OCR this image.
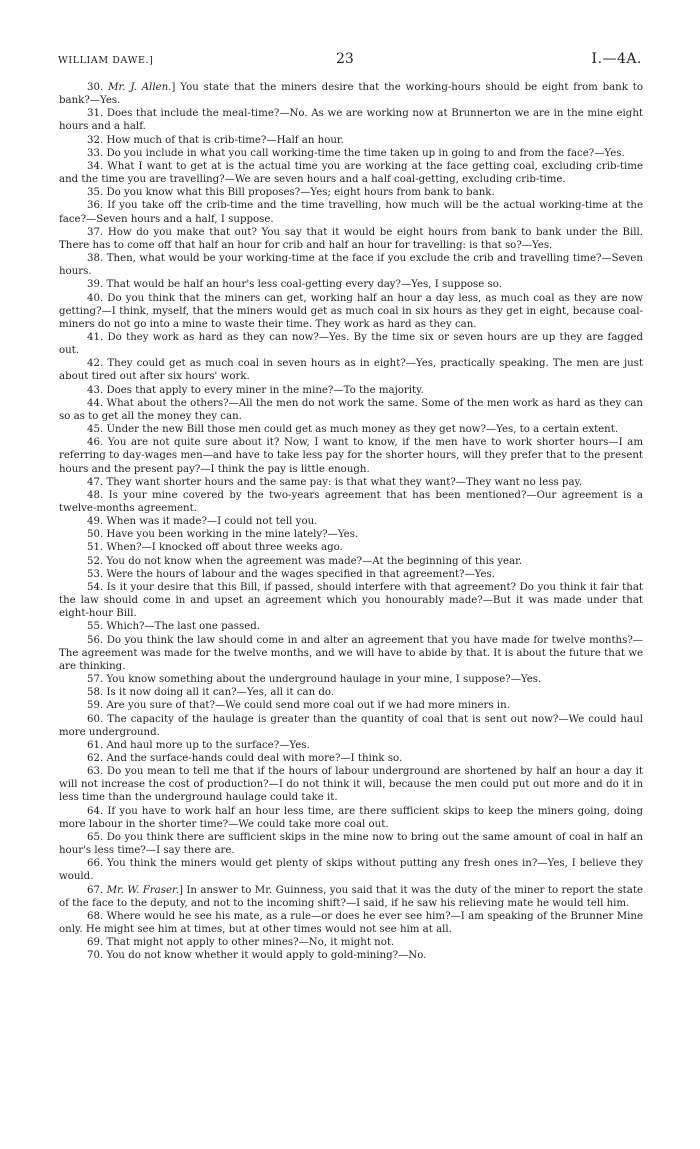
WILLIAM DAWE.]	23	I.—4A.

30. Mr. J. Allen.] You state that the miners desire that the working-hours should be eight from bank to bank?—Yes.

31. Does that include the meal-time?—No. As we are working now at Brunnerton we are in the mine eight hours and a half.

32. How much of that is crib-time?—Half an hour.

33. Do you include in what you call working-time the time taken up in going to and from the face?—Yes.

34. What I want to get at is the actual time you are working at the face getting coal, excluding crib-time and the time you are travelling?—We are seven hours and a half coal-getting, excluding crib-time.

35. Do you know what this Bill proposes?—Yes; eight hours from bank to bank.

36. If you take off the crib-time and the time travelling, how much will be the actual working-time at the face?—Seven hours and a half, I suppose.

37. How do you make that out? You say that it would be eight hours from bank to bank under the Bill. There has to come off that half an hour for crib and half an hour for travelling: is that so?—Yes.

38. Then, what would be your working-time at the face if you exclude the crib and travelling time?—Seven hours.

39. That would be half an hour's less coal-getting every day?—Yes, I suppose so.

40. Do you think that the miners can get, working half an hour a day less, as much coal as they are now getting?—I think, myself, that the miners would get as much coal in six hours as they get in eight, because coal-miners do not go into a mine to waste their time. They work as hard as they can.

41. Do they work as hard as they can now?—Yes. By the time six or seven hours are up they are fagged out.

42. They could get as much coal in seven hours as in eight?—Yes, practically speaking. The men are just about tired out after six hours' work.

43. Does that apply to every miner in the mine?—To the majority.

44. What about the others?—All the men do not work the same. Some of the men work as hard as they can so as to get all the money they can.

45. Under the new Bill those men could get as much money as they get now?—Yes, to a certain extent.

46. You are not quite sure about it? Now, I want to know, if the men have to work shorter hours—I am referring to day-wages men—and have to take less pay for the shorter hours, will they prefer that to the present hours and the present pay?—I think the pay is little enough.

47. They want shorter hours and the same pay: is that what they want?—They want no less pay.

48. Is your mine covered by the two-years agreement that has been mentioned?—Our agreement is a twelve-months agreement.

49. When was it made?—I could not tell you.

50. Have you been working in the mine lately?—Yes.

51. When?—I knocked off about three weeks ago.

52. You do not know when the agreement was made?—At the beginning of this year.

53. Were the hours of labour and the wages specified in that agreement?—Yes.

54. Is it your desire that this Bill, if passed, should interfere with that agreement? Do you think it fair that the law should come in and upset an agreement which you honourably made?—But it was made under that eight-hour Bill.

55. Which?—The last one passed.

56. Do you think the law should come in and alter an agreement that you have made for twelve months?—The agreement was made for the twelve months, and we will have to abide by that. It is about the future that we are thinking.

57. You know something about the underground haulage in your mine, I suppose?—Yes.

58. Is it now doing all it can?—Yes, all it can do.

59. Are you sure of that?—We could send more coal out if we had more miners in.

60. The capacity of the haulage is greater than the quantity of coal that is sent out now?—We could haul more underground.

61. And haul more up to the surface?—Yes.

62. And the surface-hands could deal with more?—I think so.

63. Do you mean to tell me that if the hours of labour underground are shortened by half an hour a day it will not increase the cost of production?—I do not think it will, because the men could put out more and do it in less time than the underground haulage could take it.

64. If you have to work half an hour less time, are there sufficient skips to keep the miners going, doing more labour in the shorter time?—We could take more coal out.

65. Do you think there are sufficient skips in the mine now to bring out the same amount of coal in half an hour's less time?—I say there are.

66. You think the miners would get plenty of skips without putting any fresh ones in?—Yes, I believe they would.

67. Mr. W. Fraser.] In answer to Mr. Guinness, you said that it was the duty of the miner to report the state of the face to the deputy, and not to the incoming shift?—I said, if he saw his relieving mate he would tell him.

68. Where would he see his mate, as a rule—or does he ever see him?—I am speaking of the Brunner Mine only. He might see him at times, but at other times would not see him at all.

69. That might not apply to other mines?—No, it might not.

70. You do not know whether it would apply to gold-mining?—No.
